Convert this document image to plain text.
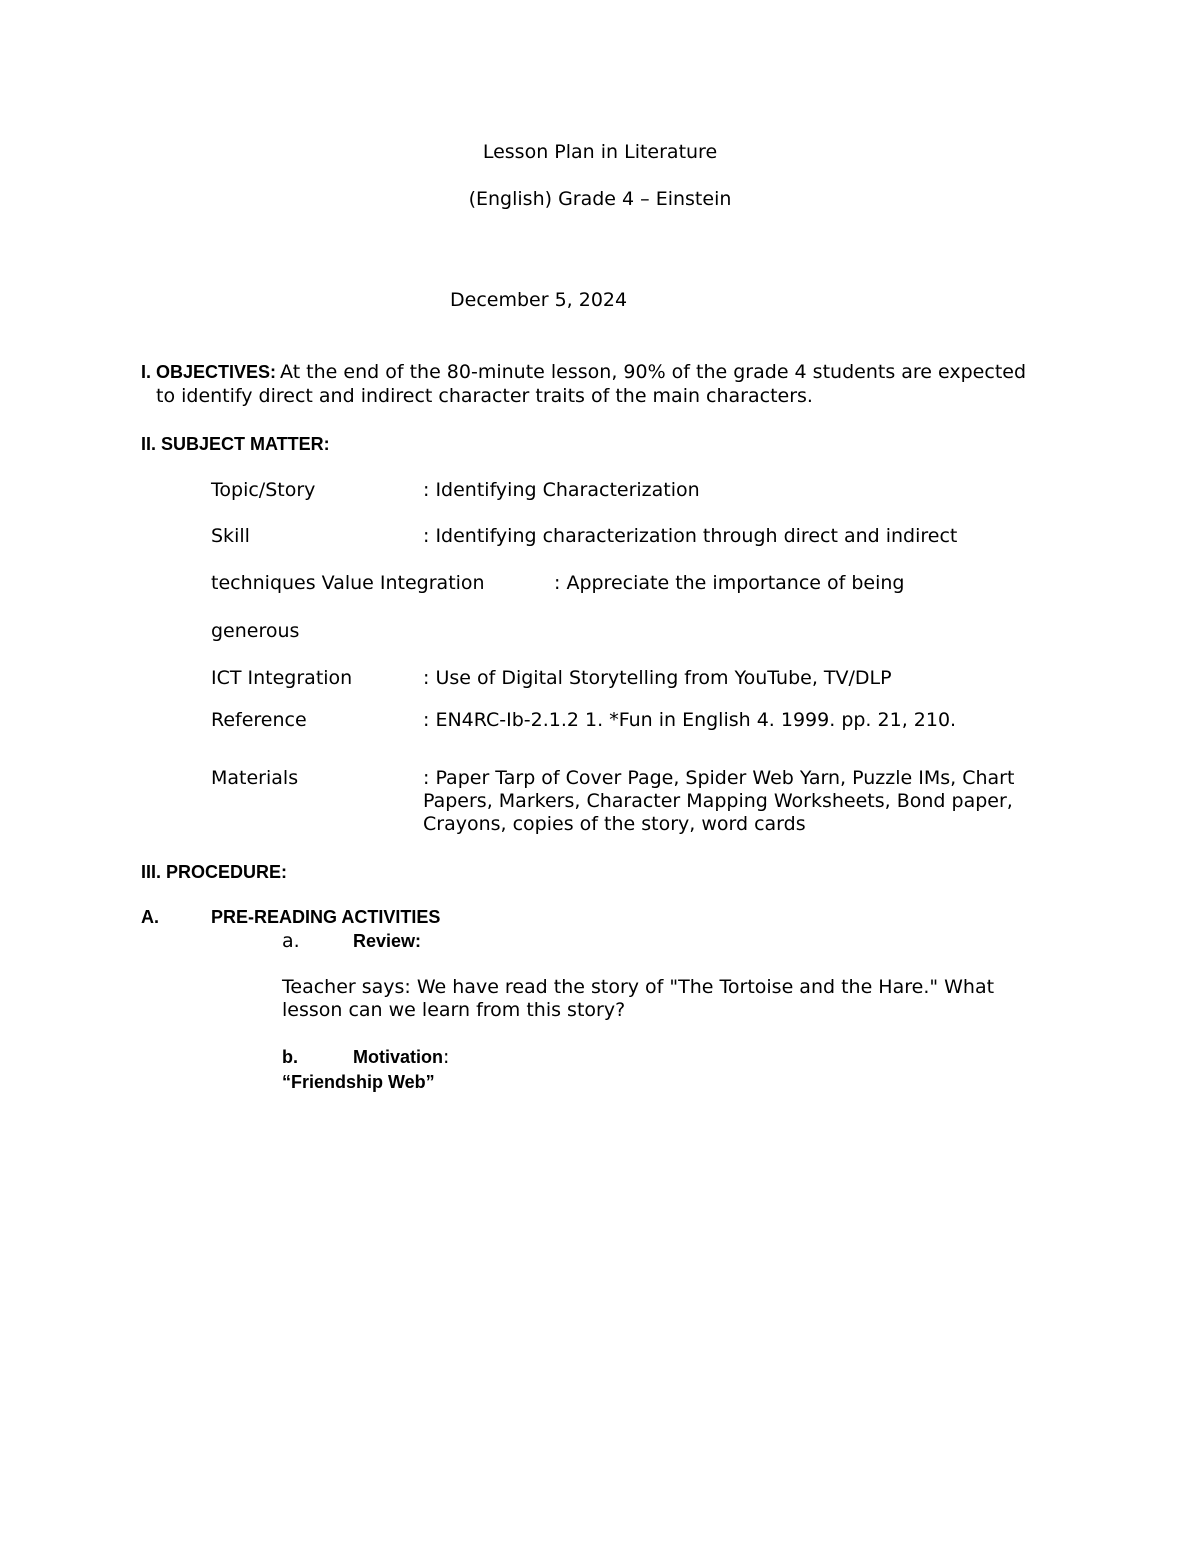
Lesson Plan in Literature
(English) Grade 4 – Einstein
December 5, 2024
I. OBJECTIVES: At the end of the 80-minute lesson, 90% of the grade 4 students are expected
to identify direct and indirect character traits of the main characters.
II. SUBJECT MATTER:
Topic/Story	: Identifying Characterization
Skill	: Identifying characterization through direct and indirect
techniques Value Integration	: Appreciate the importance of being
generous
ICT Integration	: Use of Digital Storytelling from YouTube, TV/DLP
Reference	: EN4RC-Ib-2.1.2 1. *Fun in English 4. 1999. pp. 21, 210.
Materials	: Paper Tarp of Cover Page, Spider Web Yarn, Puzzle IMs, Chart
Papers, Markers, Character Mapping Worksheets, Bond paper,
Crayons, copies of the story, word cards
III. PROCEDURE:
A.	PRE-READING ACTIVITIES
a.	Review:
Teacher says: We have read the story of "The Tortoise and the Hare." What
lesson can we learn from this story?
b.	Motivation:
“Friendship Web”
